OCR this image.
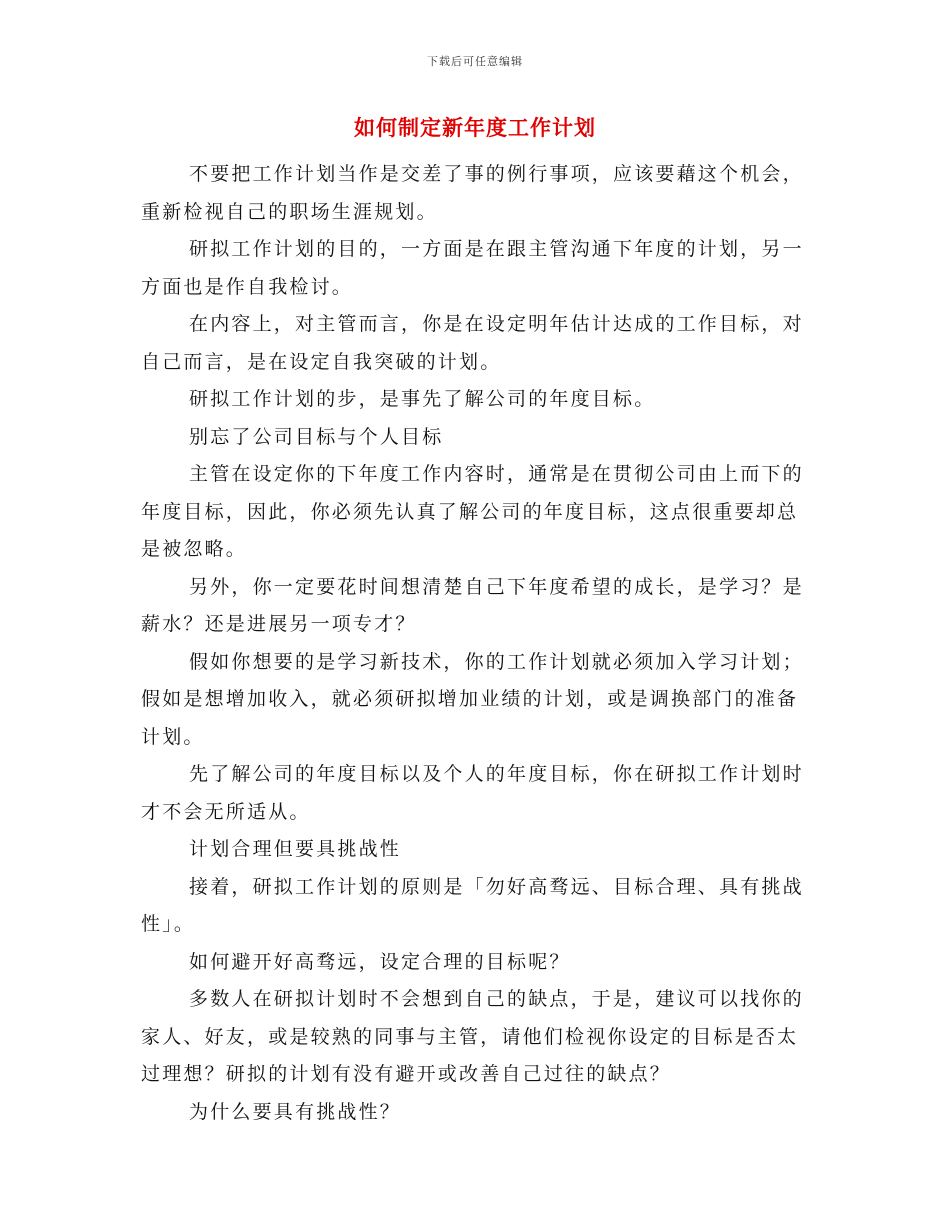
下载后可任意编辑
如何制定新年度工作计划

不要把工作计划当作是交差了事的例行事项，应该要藉这个机会， 重新检视自己的职场生涯规划。

研拟工作计划的目的，一方面是在跟主管沟通下年度的计划，另一方面也是作自我检讨。

在内容上，对主管而言，你是在设定明年估计达成的工作目标，对自己而言，是在设定自我突破的计划。

研拟工作计划的步，是事先了解公司的年度目标。

别忘了公司目标与个人目标

主管在设定你的下年度工作内容时，通常是在贯彻公司由上而下的年度目标，因此，你必须先认真了解公司的年度目标，这点很重要却总是被忽略。

另外，你一定要花时间想清楚自己下年度希望的成长，是学习？是薪水？还是进展另一项专才？

假如你想要的是学习新技术，你的工作计划就必须加入学习计划；假如是想增加收入，就必须研拟增加业绩的计划，或是调换部门的准备计划。

先了解公司的年度目标以及个人的年度目标，你在研拟工作计划时才不会无所适从。

计划合理但要具挑战性

接着，研拟工作计划的原则是「勿好高骛远、目标合理、具有挑战性」。

如何避开好高骛远，设定合理的目标呢？

多数人在研拟计划时不会想到自己的缺点，于是，建议可以找你的家人、好友，或是较熟的同事与主管，请他们检视你设定的目标是否太过理想？研拟的计划有没有避开或改善自己过往的缺点？

为什么要具有挑战性？
